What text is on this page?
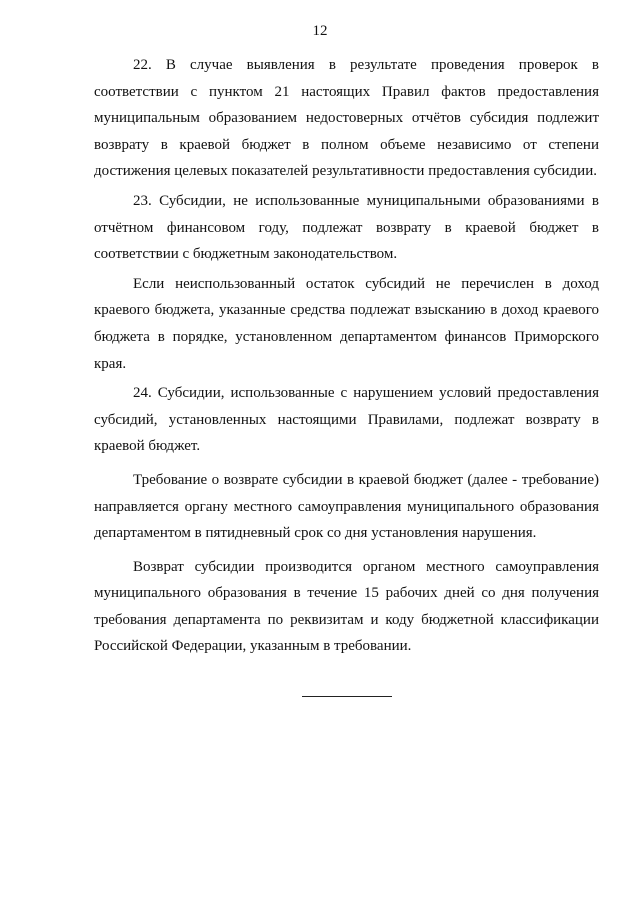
12

22. В случае выявления в результате проведения проверок в соответствии с пунктом 21 настоящих Правил фактов предоставления муниципальным образованием недостоверных отчётов субсидия подлежит возврату в краевой бюджет в полном объеме независимо от степени достижения целевых показателей результативности предоставления субсидии.

23. Субсидии, не использованные муниципальными образованиями в отчётном финансовом году, подлежат возврату в краевой бюджет в соответствии с бюджетным законодательством.

Если неиспользованный остаток субсидий не перечислен в доход краевого бюджета, указанные средства подлежат взысканию в доход краевого бюджета в порядке, установленном департаментом финансов Приморского края.

24. Субсидии, использованные с нарушением условий предоставления субсидий, установленных настоящими Правилами, подлежат возврату в краевой бюджет.

Требование о возврате субсидии в краевой бюджет (далее - требование) направляется органу местного самоуправления муниципального образования департаментом в пятидневный срок со дня установления нарушения.

Возврат субсидии производится органом местного самоуправления муниципального образования в течение 15 рабочих дней со дня получения требования департамента по реквизитам и коду бюджетной классификации Российской Федерации, указанным в требовании.
